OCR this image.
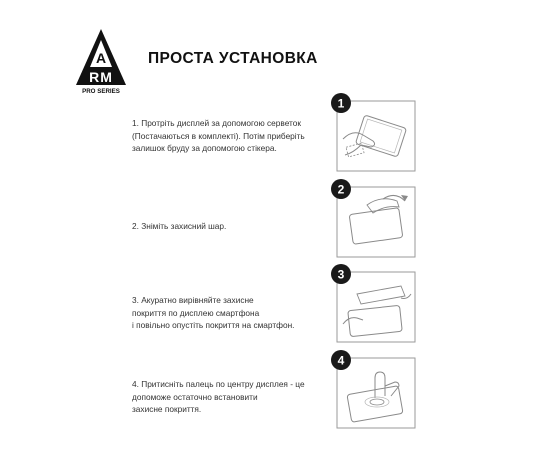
A
RM
PRO SERIES
ПРОСТА УСТАНОВКА

1. Протріть дисплей за допомогою серветок

(Постачаються в комплекті). Потім приберіть

залишок бруду за допомогою стікера.

1

2. Зніміть захисний шар.

2

3. Акуратно вирівняйте захисне

покриття по дисплею смартфона

і повільно опустіть покриття на смартфон.

3

4. Притисніть палець по центру дисплея - це

допоможе остаточно встановити

захисне покриття.

4
